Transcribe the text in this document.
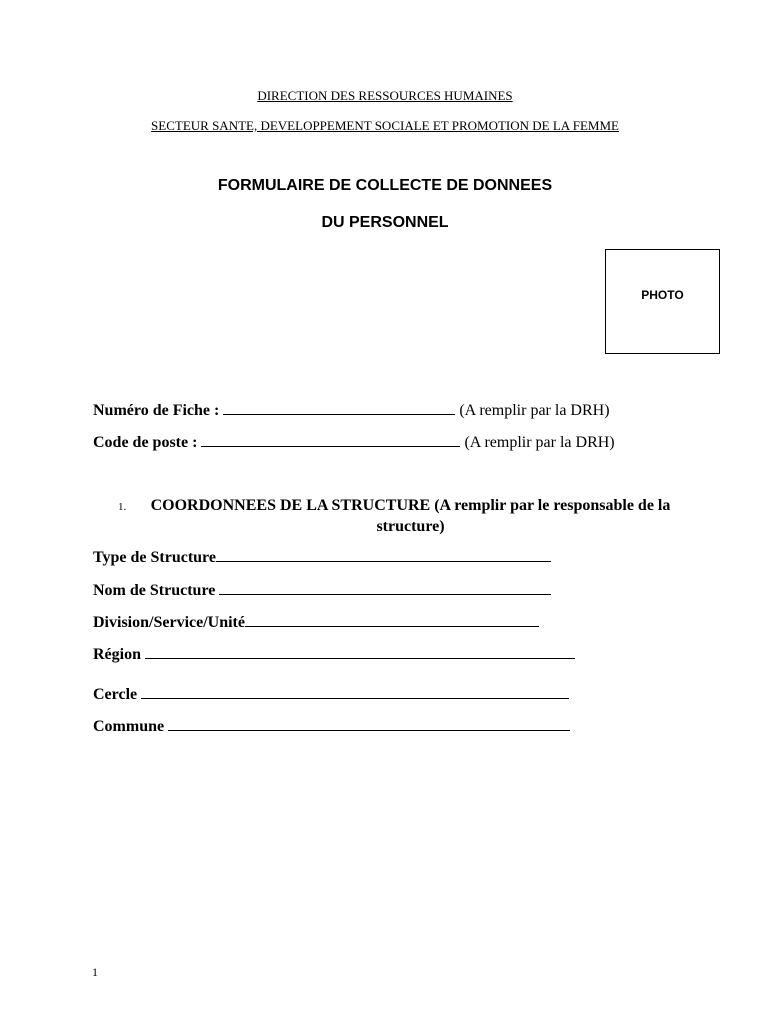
DIRECTION DES RESSOURCES HUMAINES
SECTEUR SANTE, DEVELOPPEMENT SOCIALE ET PROMOTION DE LA FEMME
FORMULAIRE DE COLLECTE DE DONNEES
DU PERSONNEL
PHOTO
Numéro de Fiche :	(A remplir par la DRH)
Code de poste :	(A remplir par la DRH)
1.	COORDONNEES DE LA STRUCTURE (A remplir par le responsable de la structure)
Type de Structure
Nom de Structure
Division/Service/Unité
Région
Cercle
Commune
1
